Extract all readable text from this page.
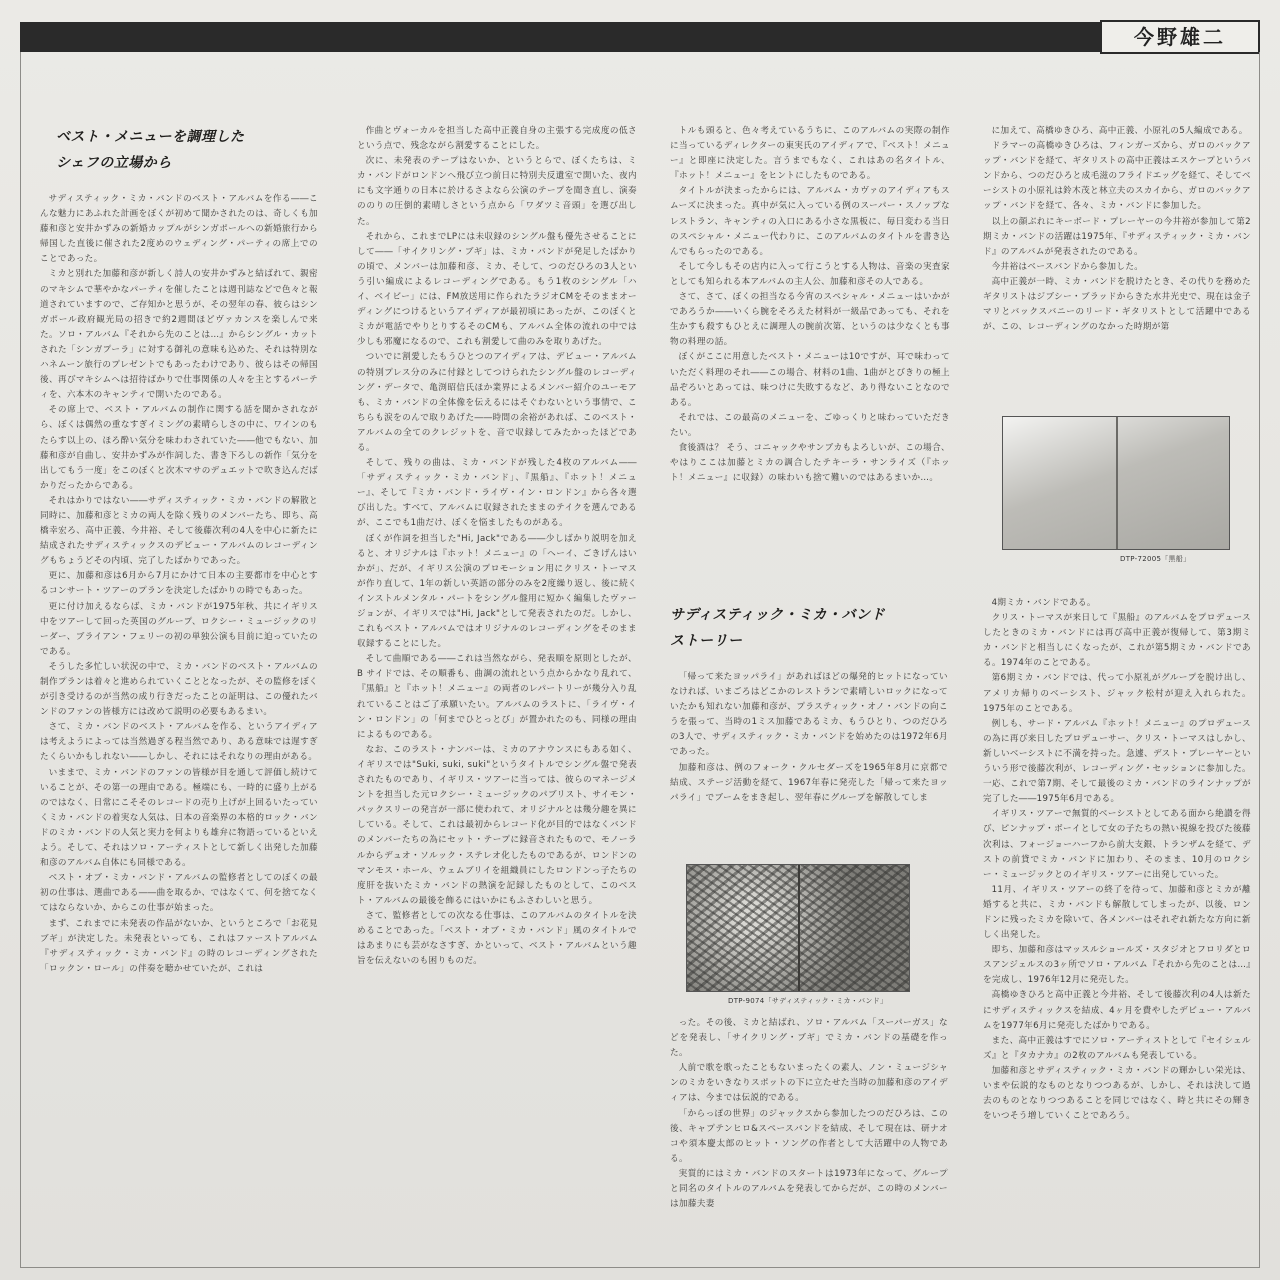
今野雄二
ベスト・メニューを調理した
シェフの立場から

サディスティック・ミカ・バンドのベスト・アルバムを作る――こんな魅力にあふれた計画をぼくが初めて聞かされたのは、奇しくも加藤和彦と安井かずみの新婚カップルがシンガポールへの新婚旅行から帰国した直後に催された2度めのウェディング・パーティの席上でのことであった。

ミカと別れた加藤和彦が新しく詩人の安井かずみと結ばれて、親密のマキシムで華やかなパーティを催したことは週刊誌などで色々と報道されていますので、ご存知かと思うが、その翌年の春、彼らはシンガポール政府観光局の招きで約2週間ほどヴァカンスを楽しんで来た。ソロ・アルバム『それから先のことは…』からシングル・カットされた「シンガプーラ」に対する御礼の意味も込めた、それは特別なハネムーン旅行のプレゼントでもあったわけであり、彼らはその帰国後、再びマキシムへは招待ばかりで仕事関係の人々を主とするパーティを、六本木のキャンティで開いたのである。

その席上で、ベスト・アルバムの制作に関する話を聞かされながら、ぼくは偶然の重なすぎイミングの素晴らしさの中に、ワインのもたらす以上の、ほろ酔い気分を味わわされていた――他でもない、加藤和彦が自曲し、安井かずみが作詞した、書き下ろしの新作「気分を出してもう一度」をこのぼくと次木マサのデュエットで吹き込んだばかりだったからである。

それはかりではない――サディスティック・ミカ・バンドの解散と同時に、加藤和彦とミカの両人を除く残りのメンバーたち、即ち、高橋幸宏ろ、高中正義、今井裕、そして後藤次利の4人を中心に新たに結成されたサディスティックスのデビュー・アルバムのレコーディングもちょうどその内頃、完了したばかりであった。

更に、加藤和彦は6月から7月にかけて日本の主要都市を中心とするコンサート・ツアーのプランを決定したばかりの時でもあった。

更に付け加えるならば、ミカ・バンドが1975年秋、共にイギリス中をツアーして回った英国のグループ、ロクシー・ミュージックのリーダー、ブライアン・フェリーの初の単独公演も目前に迫っていたのである。

そうした多忙しい状況の中で、ミカ・バンドのベスト・アルバムの制作プランは着々と進められていくこととなったが、その監修をぼくが引き受けるのが当然の成り行きだったことの証明は、この優れたバンドのファンの皆様方には改めて説明の必要もあるまい。

さて、ミカ・バンドのベスト・アルバムを作る、というアイディアは考えようによっては当然過ぎる程当然であり、ある意味では遅すぎたくらいかもしれない――しかし、それにはそれなりの理由がある。

いままで、ミカ・バンドのファンの皆様が目を通して評価し続けていることが、その第一の理由である。極端にも、一時的に盛り上がるのではなく、日常にこそそのレコードの売り上げが上回るいたっていくミカ・バンドの着実な人気は、日本の音楽界の本格的ロック・バンドのミカ・バンドの人気と実力を何よりも雄弁に物語っているといえよう。そして、それはソロ・アーティストとして新しく出発した加藤和彦のアルバム自体にも同様である。

ベスト・オブ・ミカ・バンド・アルバムの監修者としてのぼくの最初の仕事は、選曲である――曲を取るか、ではなくて、何を捨てなくてはならないか、からこの仕事が始まった。

まず、これまでに未発表の作品がないか、というところで「お花見ブギ」が決定した。未発表といっても、これはファーストアルバム『サディスティック・ミカ・バンド』の時のレコーディングされた「ロックン・ロール」の伴奏を聴かせていたが、これは

作曲とヴォーカルを担当した高中正義自身の主張する完成度の低さという点で、残念ながら割愛することにした。

次に、未発表のテープはないか、というとらで、ぼくたちは、ミカ・バンドがロンドンへ飛び立つ前日に特別夫反遺室で開いた、夜内にも文字通りの日本に於けるさよなら公演のテープを聞き直し、演奏ののりの圧倒的素晴しさという点から「ワダツミ音頭」を選び出した。

それから、これまでLPには未収録のシングル盤も優先させることにして――「サイクリング・ブギ」は、ミカ・バンドが発足したばかりの頃で、メンバーは加藤和彦、ミカ、そして、つのだひろの3人という引い編成によるレコーディングである。もう1枚のシングル「ハイ、ベイビー」には、FM放送用に作られたラジオCMをそのままオーディングにつけるというアイディアが最初頃にあったが、このぼくとミカが電話でやりとりするそのCMも、アルバム全体の流れの中では少しも邪魔になるので、これも割愛して曲のみを取りあげた。

ついでに割愛したもうひとつのアイディアは、デビュー・アルバムの特別プレス分のみに付録としてつけられたシングル盤のレコーディング・データで、亀渕昭信氏ほか業界によるメンバー紹介のユーモアも、ミカ・バンドの全体像を伝えるにはそぐわないという事情で、こちらも涙をのんで取りあげた――時間の余裕があれば、このベスト・アルバムの全てのクレジットを、音で収録してみたかったほどである。

そして、残りの曲は、ミカ・バンドが残した4枚のアルバム――「サディスティック・ミカ・バンド」、『黒船』、『ホット！メニュー』、そして『ミカ・バンド・ライヴ・イン・ロンドン』から各々選び出した。すべて、アルバムに収録されたままのテイクを選んであるが、ここでも1曲だけ、ぼくを悩ましたものがある。

ぼくが作詞を担当した"Hi, Jack"である――少しばかり説明を加えると、オリジナルは『ホット！メニュー』の「ヘーイ、ごきげんはいかが」、だが、イギリス公演のプロモーション用にクリス・トーマスが作り直して、1年の新しい英語の部分のみを2度繰り返し、後に続くインストルメンタル・パートをシングル盤用に短かく編集したヴァージョンが、イギリスでは"Hi, Jack"として発表されたのだ。しかし、これもベスト・アルバムではオリジナルのレコーディングをそのまま収録することにした。

そして曲順である――これは当然ながら、発表順を原則としたが、B サイドでは、その順番も、曲調の流れという点からかなり乱れて、『黒船』と『ホット！メニュー』の両者のレパートリーが幾分入り乱れていることはご了承願いたい。アルバムのラストに、「ライヴ・イン・ロンドン」の「何までひとっとび」が置かれたのも、同様の理由によるものである。

なお、このラスト・ナンバーは、ミカのアナウンスにもある如く、イギリスでは"Suki, suki, suki"というタイトルでシングル盤で発表されたものであり、イギリス・ツアーに当っては、彼らのマネージメントを担当した元ロクシー・ミュージックのパブリスト、サイモン・パックスリーの発言が一部に使われて、オリジナルとは幾分趣を異にしている。そして、これは最初からレコード化が目的ではなくバンドのメンバーたちの為にセット・テープに録音されたもので、モノーラルからデュオ・ソルック・ステレオ化したものであるが、ロンドンのマンモス・ホール、ウェムブリイを組織員にしたロンドンっ子たちの度肝を抜いたミカ・バンドの熱演を記録したものとして、このベスト・アルバムの最後を飾るにはいかにもふさわしいと思う。

さて、監修者としての次なる仕事は、このアルバムのタイトルを決めることであった。「ベスト・オブ・ミカ・バンド」風のタイトルではあまりにも芸がなさすぎ、かといって、ベスト・アルバムという趣旨を伝えないのも困りものだ。

トルも頭ると、色々考えているうちに、このアルバムの実際の制作に当っているディレクターの東実氏のアイディアで、『ベスト！メニュー』と即座に決定した。言うまでもなく、これはあの名タイトル、『ホット！メニュー』をヒントにしたものである。

タイトルが決まったからには、アルバム・カヴァのアイディアもスムーズに決まった。真中が気に入っている例のスーパー・スノップなレストラン、キャンティの入口にある小さな黒板に、毎日変わる当日のスペシャル・メニュー代わりに、このアルバムのタイトルを書き込んでもらったのである。

そして今しもその店内に入って行こうとする人物は、音楽の実査家としても知られる本アルバムの主人公、加藤和彦その人である。

さて、さて、ぼくの担当なる今宵のスペシャル・メニューはいかがであろうか――いくら腕をそろえた材料が一級品であっても、それを生かすも殺すもひとえに調理人の腕前次第、というのは少なくとも事物の料理の話。

ぼくがここに用意したベスト・メニューは10ですが、耳で味わっていただく料理のそれ――この場合、材料の1曲、1曲がとびきりの極上品ぞろいとあっては、味つけに失敗するなど、あり得ないことなのである。

それでは、この最高のメニューを、ごゆっくりと味わっていただきたい。

食後酒は？ そう、コニャックやサンブカもよろしいが、この場合、やはりここは加藤とミカの調合したテキーラ・サンライズ（『ホット！メニュー』に収録）の味わいも捨て難いのではあるまいか…。

サディスティック・ミカ・バンド
ストーリー

「帰って来たヨッパライ」があればほどの爆発的ヒットになっていなければ、いまごろはどこかのレストランで素晴しいロックになっていたかも知れない加藤和彦が、プラスティック・オノ・バンドの向こうを張って、当時の1ミス加藤であるミカ、もうひとり、つのだひろの3人で、サディスティック・ミカ・バンドを始めたのは1972年6月であった。

加藤和彦は、例のフォーク・クルセダーズを1965年8月に京都で結成、ステージ活動を経て、1967年春に発売した「帰って来たヨッパライ」でブームをまき起し、翌年春にグループを解散してしま

DTP-9074「サディスティック・ミカ・バンド」

った。その後、ミカと結ばれ、ソロ・アルバム「スーパーガス」などを発表し、「サイクリング・ブギ」でミカ・バンドの基礎を作った。

人前で歌を歌ったこともないまったくの素人、ノン・ミュージシャンのミカをいきなりスポットの下に立たせた当時の加藤和彦のアイディアは、今までは伝説的である。

「からっぽの世界」のジャックスから参加したつのだひろは、この後、キャプテンヒロ&スペースバンドを結成、そして現在は、研ナオコや須本慶太郎のヒット・ソングの作者として大活躍中の人物である。

実質的にはミカ・バンドのスタートは1973年になって、グループと同名のタイトルのアルバムを発表してからだが、この時のメンバーは加藤夫妻

に加えて、高橋ゆきひろ、高中正義、小原礼の5人編成である。

ドラマーの高橋ゆきひろは、フィンガーズから、ガロのバックアップ・バンドを経て、ギタリストの高中正義はエスケープというバンドから、つのだひろと成毛滋のフライドエッグを経て、そしてベーシストの小原礼は鈴木茂と林立夫のスカイから、ガロのバックアップ・バンドを経て、各々、ミカ・バンドに参加した。

以上の顔ぶれにキーボード・プレーヤーの今井裕が参加して第2期ミカ・バンドの活躍は1975年、『サディスティック・ミカ・バンド』のアルバムが発表されたのである。

今井裕はベースバンドから参加した。

高中正義が一時、ミカ・バンドを脱けたとき、その代りを務めたギタリストはジブシー・ブラッドからきた水井光史で、現在は金子マリとバックスバニーのリード・ギタリストとして活躍中であるが、この、レコーディングのなかった時期が第

DTP-72005「黒船」

4期ミカ・バンドである。

クリス・トーマスが来日して『黒船』のアルバムをプロデュースしたときのミカ・バンドには再び高中正義が復帰して、第3期ミカ・バンドと相当しにくなったが、これが第5期ミカ・バンドである。1974年のことである。

第6期ミカ・バンドでは、代って小原礼がグループを脱け出し、アメリカ帰りのベーシスト、ジャック松村が迎え入れられた。1975年のことである。

例しも、サード・アルバム『ホット！メニュー』のプロデュースの為に再び来日したプロデューサー、クリス・トーマスはしかし、新しいベーシストに不満を持った。急遽、デスト・プレーヤーといういう形で後藤次利が、レコーディング・セッションに参加した。一応、これで第7期、そして最後のミカ・バンドのラインナップが完了した――1975年6月である。

イギリス・ツアーで無質的ベーシストとしてある面から絶讃を得び、ピンナップ・ボーイとして女の子たちの熱い視線を投びた後藤次利は、フォージョーハーフから前大支銀、トランザムを経て、デストの前貸でミカ・バンドに加わり、そのまま、10月のロクシー・ミュージックとのイギリス・ツアーに出発していった。

11月、イギリス・ツアーの終了を待って、加藤和彦とミカが離婚すると共に、ミカ・バンドも解散してしまったが、以後、ロンドンに残ったミカを除いて、各メンバーはそれぞれ新たな方向に新しく出発した。

即ち、加藤和彦はマッスルショールズ・スタジオとフロリダとロスアンジェルスの3ヶ所でソロ・アルバム『それから先のことは…』を完成し、1976年12月に発売した。

高橋ゆきひろと高中正義と今井裕、そして後藤次利の4人は新たにサディスティックスを結成、4ヶ月を費やしたデビュー・アルバムを1977年6月に発売したばかりである。

また、高中正義はすでにソロ・アーティストとして『セイシェルズ』と『タカナカ』の2枚のアルバムも発表している。

加藤和彦とサディスティック・ミカ・バンドの輝かしい栄光は、いまや伝説的なものとなりつつあるが、しかし、それは決して過去のものとなりつつあることを同じではなく、時と共にその輝きをいつそう増していくことであろう。
